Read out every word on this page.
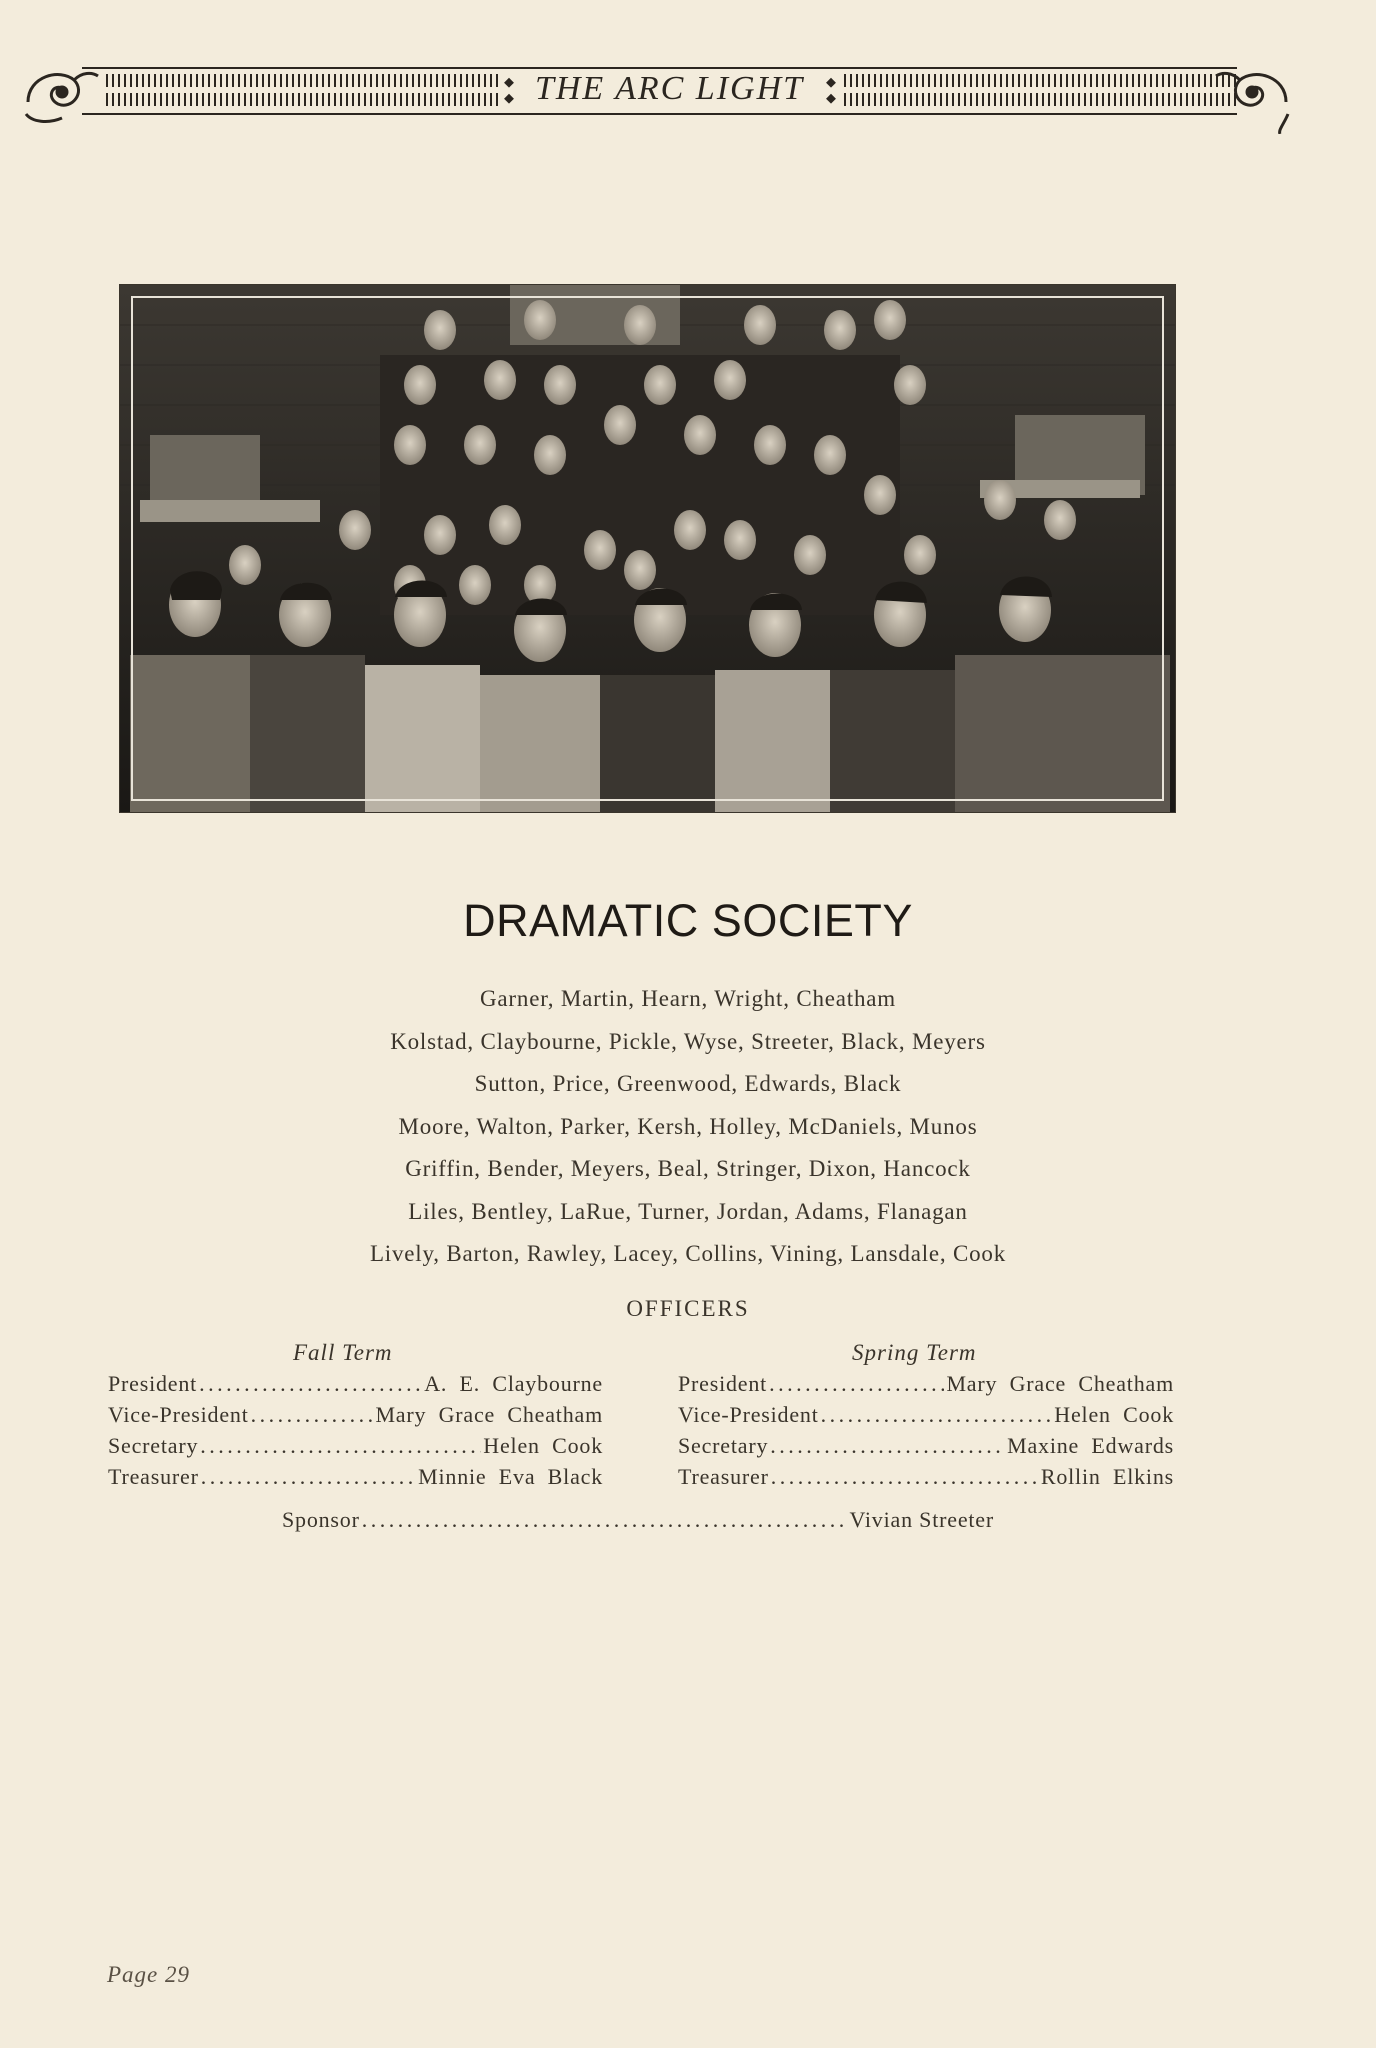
THE ARC LIGHT
DRAMATIC SOCIETY
Garner, Martin, Hearn, Wright, Cheatham
Kolstad, Claybourne, Pickle, Wyse, Streeter, Black, Meyers
Sutton, Price, Greenwood, Edwards, Black
Moore, Walton, Parker, Kersh, Holley, McDaniels, Munos
Griffin, Bender, Meyers, Beal, Stringer, Dixon, Hancock
Liles, Bentley, LaRue, Turner, Jordan, Adams, Flanagan
Lively, Barton, Rawley, Lacey, Collins, Vining, Lansdale, Cook
OFFICERS
Fall Term	Spring Term
President . . .	A. E. Claybourne
Vice-President . . .	Mary Grace Cheatham
Secretary . . .	Helen Cook
Treasurer . . .	Minnie Eva Black
President . . .	Mary Grace Cheatham
Vice-President . . .	Helen Cook
Secretary . . .	Maxine Edwards
Treasurer . . .	Rollin Elkins
Sponsor . . .	Vivian Streeter
Page 29
